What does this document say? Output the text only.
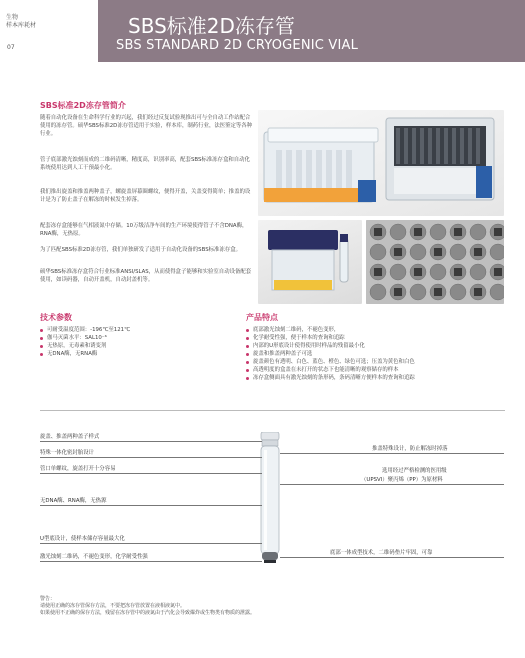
生物
样本库耗材
07
SBS标准2D冻存管
SBS STANDARD 2D CRYOGENIC VIAL
SBS标准2D冻存管简介
随着自动化设备在生命科学行业的兴起，我们经过反复试验现推出可与全自动工作站配合使用的冻存管。硕华SBS标准2D冻存管适用于实验，样本库，制药行业，法医鉴定等各种行业。
管子底部激光蚀刻而成的二维码清晰，精度高，识别率高，配套SBS标准冻存盒和自动化系统使用达到人工干预最小化。
我们推出旋盖和推盖两种盖子，螺旋盖屏幕圈螺纹，便得开盖，关盖变得简单；推盖的设计是为了防止盖子在解冻的时候发生掉落。
配套冻存盒能够在气相液氮中存储。10万级洁净车间的生产环境使得管子不含DNA酶，RNA酶，无热原。
为了匹配SBS标准2D冻存管，我们单独研发了适用于自动化设备的SBS标准冻存盒。
硕华SBS标准冻存盒符合行业标准ANSI/SLAS，从而使得盒子能够和实验室自动设备配套使用，如读码器，自动开盖机，自动封盖机等。
技术参数
可耐受温度范围：-196℃至121℃
伽马灭菌水平：SAL10⁻⁶
无热原，无毒素和诱变剂
无DNA酶，无RNA酶
产品特点
底部激光蚀刻二维码，不褪色变形，
化学耐受性强，便于样本的查询和追踪
内部的U形底设计使得使用时样品的残留最小化
旋盖和推盖两种盖子可选
旋盖颜色有透明、白色、蓝色、橙色、绿色可选；压盖为黄色和白色
高透明度的盒盖在未打开的状态下也能清晰的观察储存的样本
冻存盒侧面具有激光蚀刻的条形码，条码清晰方便样本的查询和追踪
旋盖、推盖两种盖子样式
特殊一体化密封胎设计
管口单螺纹，旋盖打开十分容易
无DNA酶、RNA酶，无热源
U型底设计，使样本储存容量最大化
激光蚀刻二维码，不褪色变形，化学耐受性强
推盖特殊设计，防止解冻时掉落
选用经过严格检测的医用级
（UPSVI）聚丙烯（PP）为原材料
底部一体成型技术，二维码垫片牢固，可靠
警告：
请使用正确的冻存管保存方法，不要把冻存管放置在液相液氮中。
如果使用不正确的保存方法，残留在冻存管中的液氮由于汽化会导致爆炸或生物类有物质的泄露。
